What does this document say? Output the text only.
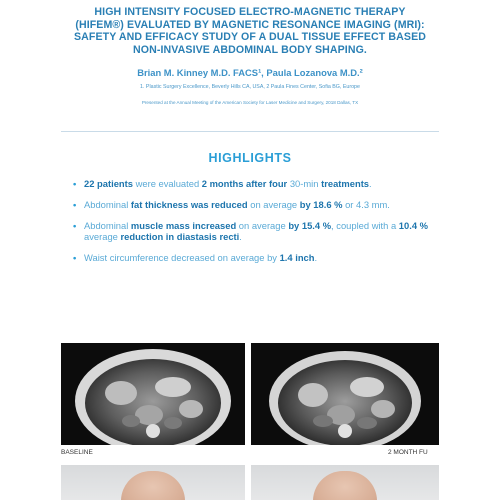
HIGH INTENSITY FOCUSED ELECTRO-MAGNETIC THERAPY
(HIFEM®) EVALUATED BY MAGNETIC RESONANCE IMAGING (MRI):
SAFETY AND EFFICACY STUDY OF A DUAL TISSUE EFFECT BASED
NON-INVASIVE ABDOMINAL BODY SHAPING.
Brian M. Kinney M.D. FACS¹, Paula Lozanova M.D.²
1. Plastic Surgery Excellence, Beverly Hills CA, USA, 2 Paula Fines Center, Sofia BG, Europe
Presented at the Annual Meeting of the American Society for Laser Medicine and Surgery, 2018 Dallas, TX
HIGHLIGHTS
• 22 patients were evaluated 2 months after four 30-min treatments.
• Abdominal fat thickness was reduced on average by 18.6 % or 4.3 mm.
• Abdominal muscle mass increased on average by 15.4 %, coupled with a 10.4 % average reduction in diastasis recti.
• Waist circumference decreased on average by 1.4 inch.
BASELINE	2 MONTH FU
